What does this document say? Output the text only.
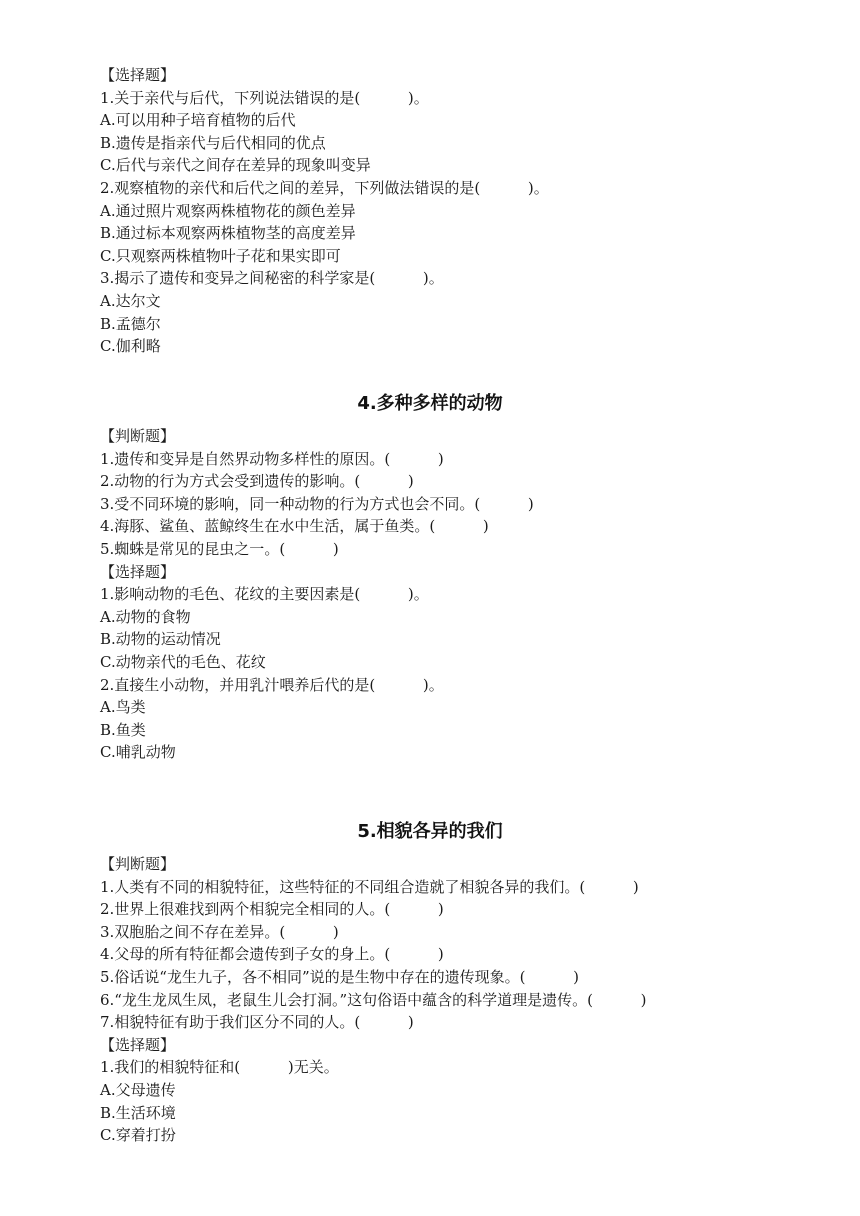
【选择题】
1.关于亲代与后代，下列说法错误的是(          )。
A.可以用种子培育植物的后代
B.遗传是指亲代与后代相同的优点
C.后代与亲代之间存在差异的现象叫变异
2.观察植物的亲代和后代之间的差异，下列做法错误的是(          )。
A.通过照片观察两株植物花的颜色差异
B.通过标本观察两株植物茎的高度差异
C.只观察两株植物叶子花和果实即可
3.揭示了遗传和变异之间秘密的科学家是(          )。
A.达尔文
B.孟德尔
C.伽利略
4.多种多样的动物
【判断题】
1.遗传和变异是自然界动物多样性的原因。(          )
2.动物的行为方式会受到遗传的影响。(          )
3.受不同环境的影响，同一种动物的行为方式也会不同。(          )
4.海豚、鲨鱼、蓝鲸终生在水中生活，属于鱼类。(          )
5.蜘蛛是常见的昆虫之一。(          )
【选择题】
1.影响动物的毛色、花纹的主要因素是(          )。
A.动物的食物
B.动物的运动情况
C.动物亲代的毛色、花纹
2.直接生小动物，并用乳汁喂养后代的是(          )。
A.鸟类
B.鱼类
C.哺乳动物
5.相貌各异的我们
【判断题】
1.人类有不同的相貌特征，这些特征的不同组合造就了相貌各异的我们。(          )
2.世界上很难找到两个相貌完全相同的人。(          )
3.双胞胎之间不存在差异。(          )
4.父母的所有特征都会遗传到子女的身上。(          )
5.俗话说“龙生九子，各不相同”说的是生物中存在的遗传现象。(          )
6.“龙生龙凤生凤，老鼠生儿会打洞。”这句俗语中蕴含的科学道理是遗传。(          )
7.相貌特征有助于我们区分不同的人。(          )
【选择题】
1.我们的相貌特征和(          )无关。
A.父母遗传
B.生活环境
C.穿着打扮
